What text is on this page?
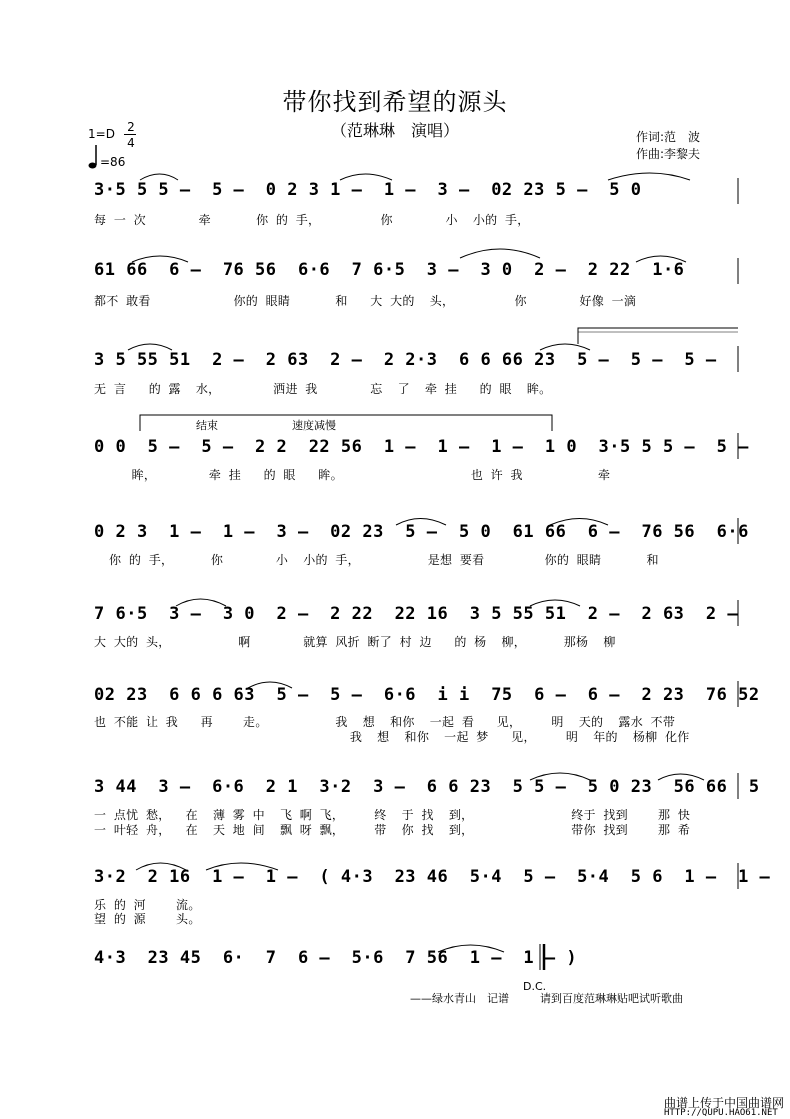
带你找到希望的源头
（范琳琳　演唱）	作词:范　波
作曲:李黎夫
1=D 2
4
=86
3·5 5 5 –  5 –  0 2 3 1 –  1 –  3 –  02 23 5 –  5 0
每 一 次       牵      你 的 手，        你       小  小的 手，
61 66  6 –  76 56  6·6  7 6·5  3 –  3 0  2 –  2 22  1·6
都不 敢看           你的 眼睛      和   大 大的  头，        你       好像 一滴
3 5 55 51  2 –  2 63  2 –  2 2·3  6 6 66 23  5 –  5 –  5 –
无 言   的 露  水，       洒进 我       忘  了  牵 挂   的 眼  眸。
结束	速度减慢
0 0  5 –  5 –  2 2  22 56  1 –  1 –  1 –  1 0  3·5 5 5 –  5 –
眸，       牵 挂   的 眼   眸。                 也 许 我          牵
0 2 3  1 –  1 –  3 –  02 23  5 –  5 0  61 66  6 –  76 56  6·6
你 的 手，     你       小  小的 手，         是想 要看        你的 眼睛      和
7 6·5  3 –  3 0  2 –  2 22  22 16  3 5 55 51  2 –  2 63  2 –
大 大的 头，         啊       就算 风折 断了 村 边   的 杨  柳，     那杨  柳
02 23  6 6 6 63  5 –  5 –  6·6  i i  75  6 –  6 –  2 23  76 52
也 不能 让 我   再    走。         我  想  和你  一起 看   见，    明  天的  露水 不带
我  想  和你  一起 梦   见，    明  年的  杨柳 化作
3 44  3 –  6·6  2 1  3·2  3 –  6 6 23  5 5 –  5 0 23  56 66  5
一 点忧 愁，  在  薄 雾 中  飞 啊 飞，    终  于 找  到，             终于 找到    那 快
一 叶轻 舟，  在  天 地 间  飘 呀 飘，    带  你 找  到，             带你 找到    那 希
3·2  2 16  1 –  1 –  ( 4·3  23 46  5·4  5 –  5·4  5 6  1 –  1 –
乐 的 河    流。
望 的 源    头。
4·3  23 45  6·  7  6 –  5·6  7 56  1 –  1 – )
D.C.
——绿水青山　记谱	请到百度范琳琳贴吧试听歌曲
曲谱上传于中国曲谱网
HTTP://QUPU.HAO61.NET
